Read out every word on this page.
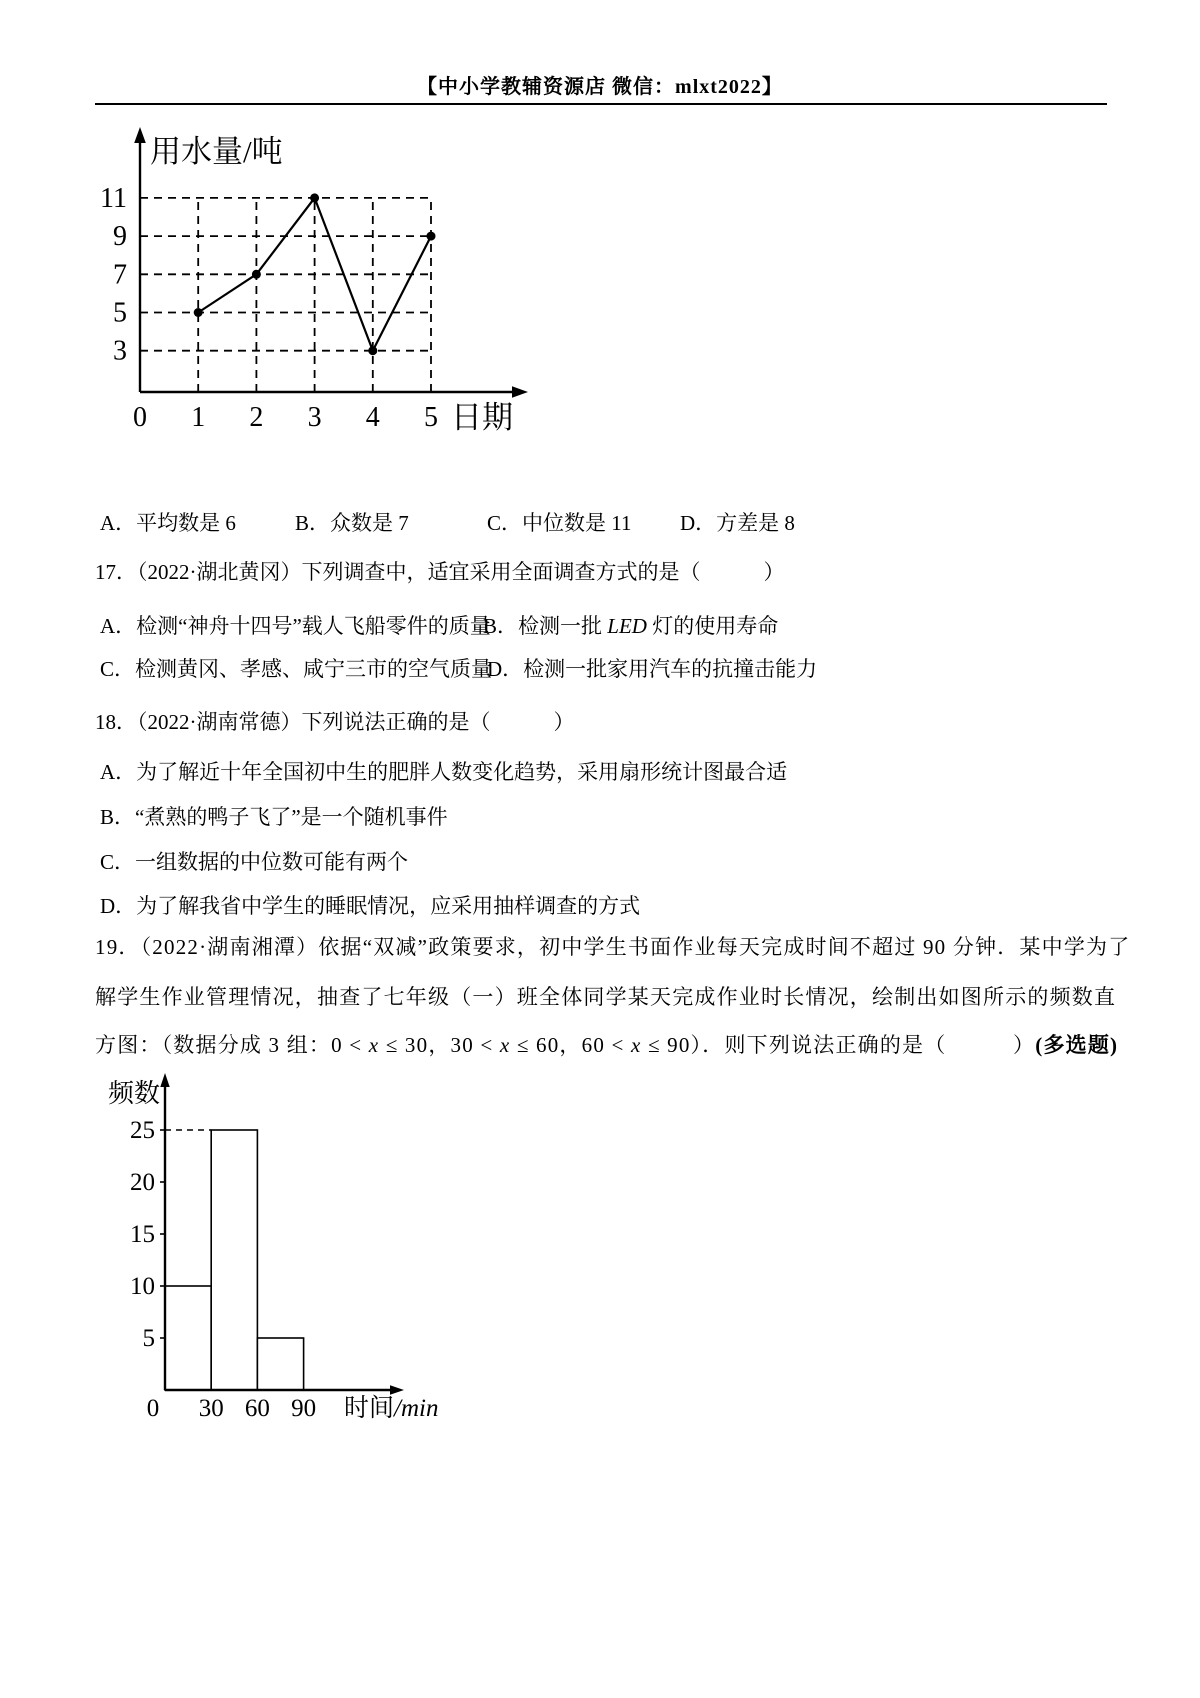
【中小学教辅资源店 微信：mlxt2022】
3
5
7
9
11
0 1 2 3 4 5
用水量/吨
日期
A．平均数是 6	B．众数是 7	C．中位数是 11 D．方差是 8
17．（2022·湖北黄冈）下列调查中，适宜采用全面调查方式的是（　　　）
A．检测“神舟十四号”载人飞船零件的质量
B．检测一批 LED 灯的使用寿命
C．检测黄冈、孝感、咸宁三市的空气质量
D．检测一批家用汽车的抗撞击能力
18．（2022·湖南常德）下列说法正确的是（　　　）
A．为了解近十年全国初中生的肥胖人数变化趋势，采用扇形统计图最合适
B．“煮熟的鸭子飞了”是一个随机事件
C．一组数据的中位数可能有两个
D．为了解我省中学生的睡眠情况，应采用抽样调查的方式
19．（2022·湖南湘潭）依据“双减”政策要求，初中学生书面作业每天完成时间不超过 90 分钟．某中学为了
解学生作业管理情况，抽查了七年级（一）班全体同学某天完成作业时长情况，绘制出如图所示的频数直
方图：（数据分成 3 组：0 < x ≤ 30，30 < x ≤ 60，60 < x ≤ 90）．则下列说法正确的是（　　　）(多选题)
5
10
15
20
25
0 30 60 90
频数
时间/min
